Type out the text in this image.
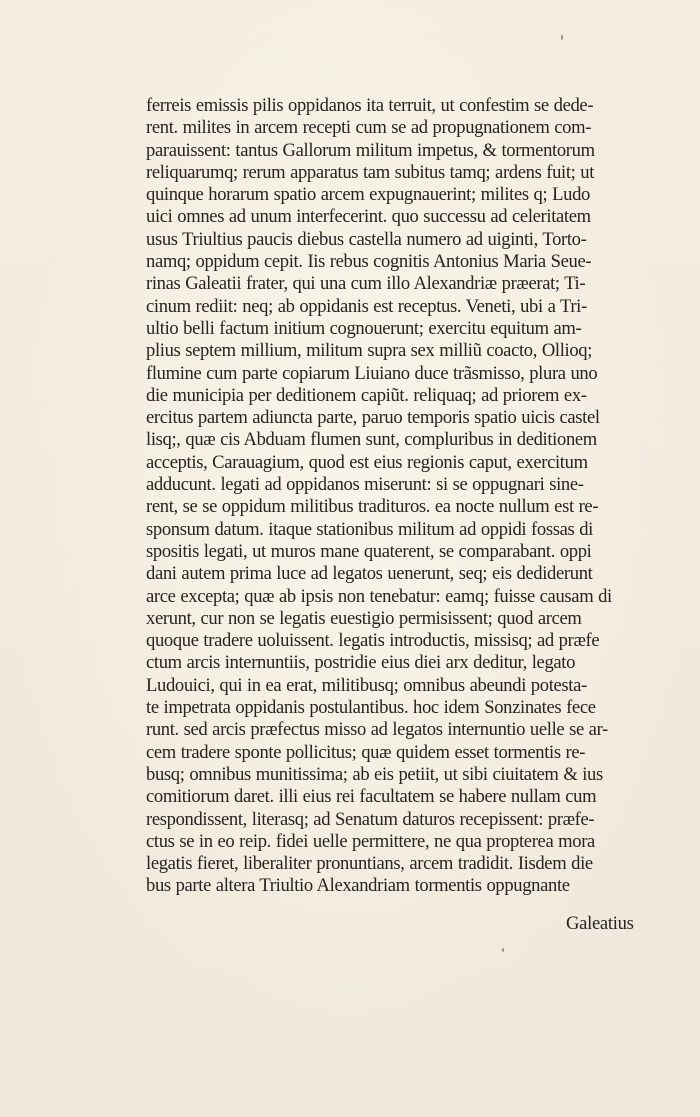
ferreis emissis pilis oppidanos ita terruit, ut confestim se dede-
rent. milites in arcem recepti cum se ad propugnationem com-
parauissent: tantus Gallorum militum impetus, & tormentorum
reliquarumq; rerum apparatus tam subitus tamq; ardens fuit; ut
quinque horarum spatio arcem expugnauerint; milites q; Ludo
uici omnes ad unum interfecerint. quo successu ad celeritatem
usus Triultius paucis diebus castella numero ad uiginti, Torto-
namq; oppidum cepit. Iis rebus cognitis Antonius Maria Seue-
rinas Galeatii frater, qui una cum illo Alexandriæ præerat; Ti-
cinum rediit: neq; ab oppidanis est receptus. Veneti, ubi a Tri-
ultio belli factum initium cognouerunt; exercitu equitum am-
plius septem millium, militum supra sex milliũ coacto, Ollioq;
flumine cum parte copiarum Liuiano duce trãsmisso, plura uno
die municipia per deditionem capiũt. reliquaq; ad priorem ex-
ercitus partem adiuncta parte, paruo temporis spatio uicis castel
lisq;, quæ cis Abduam flumen sunt, compluribus in deditionem
acceptis, Carauagium, quod est eius regionis caput, exercitum
adducunt. legati ad oppidanos miserunt: si se oppugnari sine-
rent, se se oppidum militibus tradituros. ea nocte nullum est re-
sponsum datum. itaque stationibus militum ad oppidi fossas di
spositis legati, ut muros mane quaterent, se comparabant. oppi
dani autem prima luce ad legatos uenerunt, seq; eis dediderunt
arce excepta; quæ ab ipsis non tenebatur: eamq; fuisse causam di
xerunt, cur non se legatis euestigio permisissent; quod arcem
quoque tradere uoluissent. legatis introductis, missisq; ad præfe
ctum arcis internuntiis, postridie eius diei arx deditur, legato
Ludouici, qui in ea erat, militibusq; omnibus abeundi potesta-
te impetrata oppidanis postulantibus. hoc idem Sonzinates fece
runt. sed arcis præfectus misso ad legatos internuntio uelle se ar-
cem tradere sponte pollicitus; quæ quidem esset tormentis re-
busq; omnibus munitissima; ab eis petiit, ut sibi ciuitatem & ius
comitiorum daret. illi eius rei facultatem se habere nullam cum
respondissent, literasq; ad Senatum daturos recepissent: præfe-
ctus se in eo reip. fidei uelle permittere, ne qua propterea mora
legatis fieret, liberaliter pronuntians, arcem tradidit. Iisdem die
bus parte altera Triultio Alexandriam tormentis oppugnante
Galeatius
